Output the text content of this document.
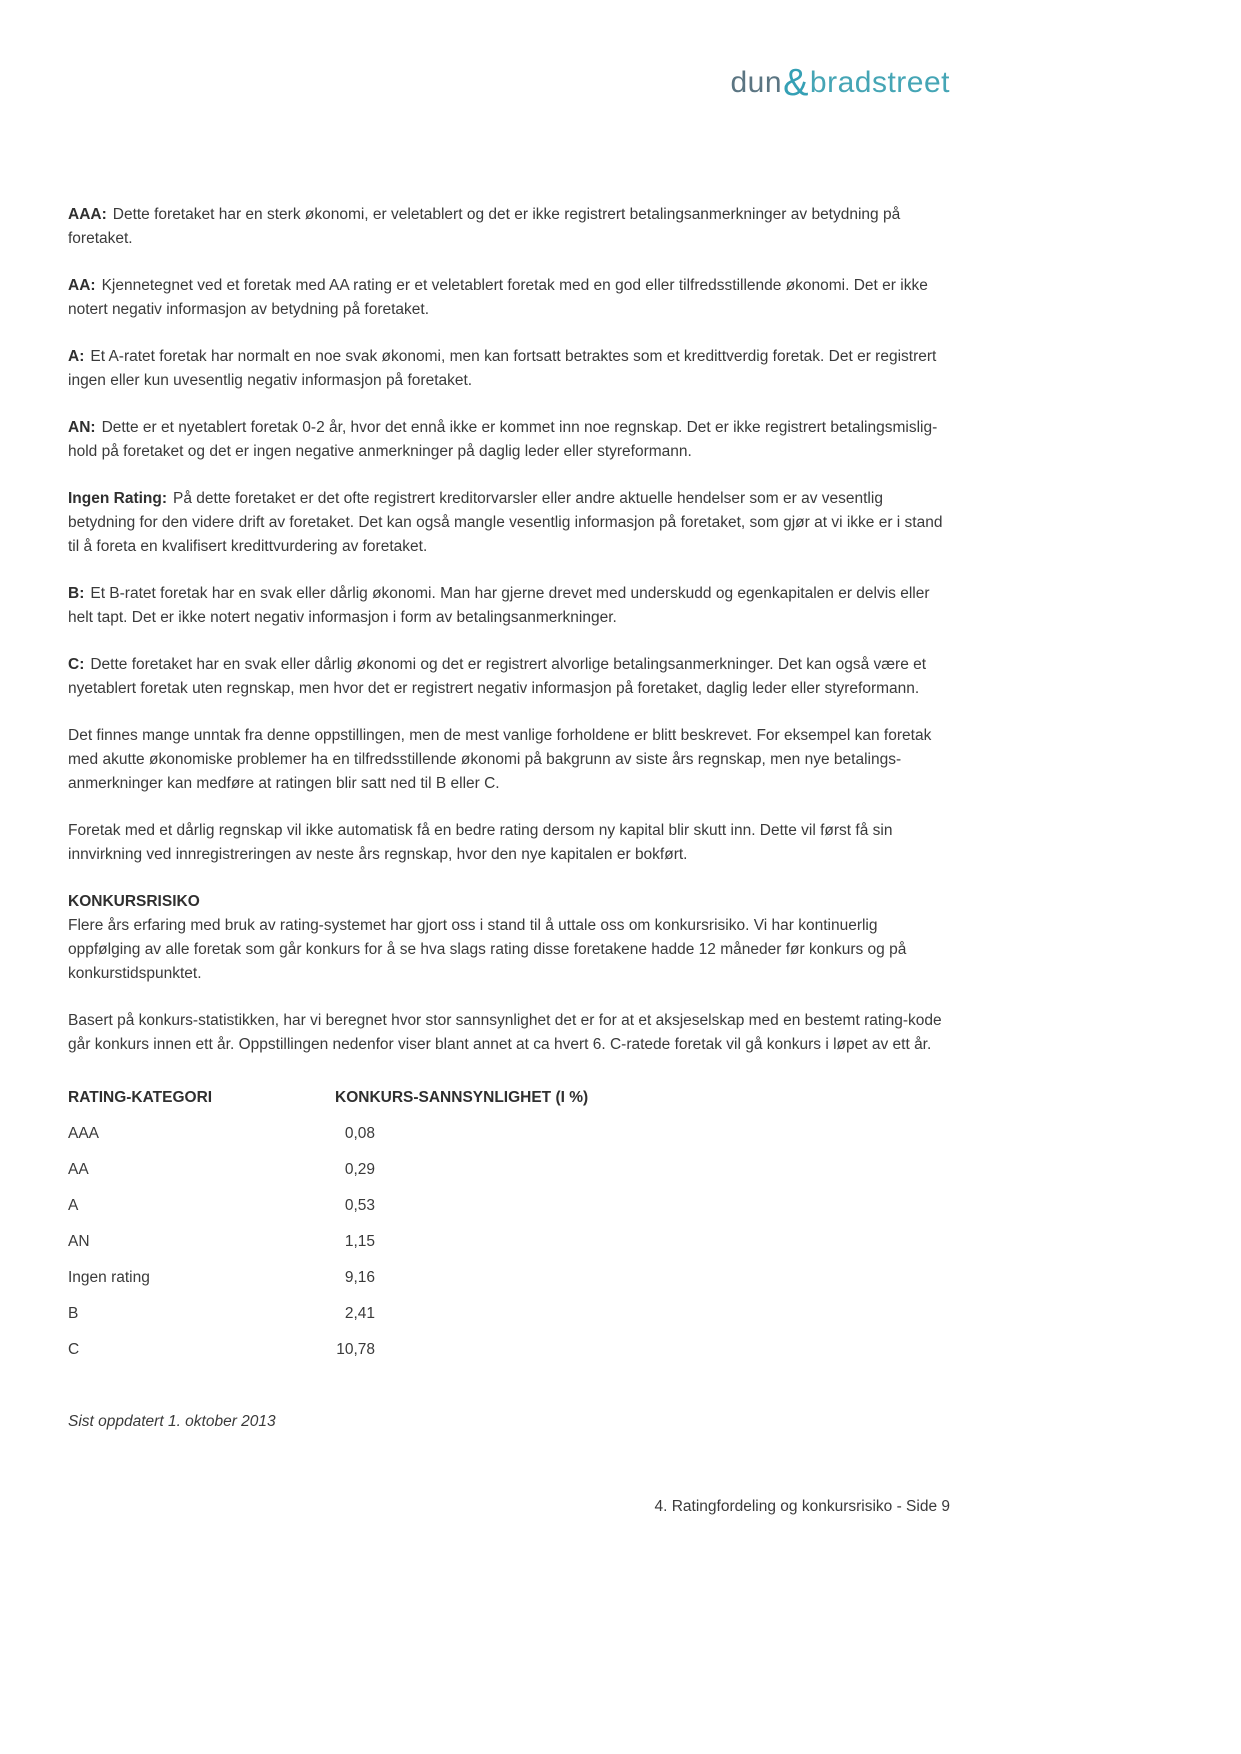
dun&bradstreet

AAA: Dette foretaket har en sterk økonomi, er veletablert og det er ikke registrert betalingsanmerkninger av betydning på foretaket.

AA: Kjennetegnet ved et foretak med AA rating er et veletablert foretak med en god eller tilfredsstillende økonomi. Det er ikke notert negativ informasjon av betydning på foretaket.

A: Et A-ratet foretak har normalt en noe svak økonomi, men kan fortsatt betraktes som et kredittverdig foretak. Det er registrert ingen eller kun uvesentlig negativ informasjon på foretaket.

AN: Dette er et nyetablert foretak 0-2 år, hvor det ennå ikke er kommet inn noe regnskap. Det er ikke registrert betalingsmislig- hold på foretaket og det er ingen negative anmerkninger på daglig leder eller styreformann.

Ingen Rating: På dette foretaket er det ofte registrert kreditorvarsler eller andre aktuelle hendelser som er av vesentlig betydning for den videre drift av foretaket. Det kan også mangle vesentlig informasjon på foretaket, som gjør at vi ikke er i stand til å foreta en kvalifisert kredittvurdering av foretaket.

B: Et B-ratet foretak har en svak eller dårlig økonomi. Man har gjerne drevet med underskudd og egenkapitalen er delvis eller helt tapt. Det er ikke notert negativ informasjon i form av betalingsanmerkninger.

C: Dette foretaket har en svak eller dårlig økonomi og det er registrert alvorlige betalingsanmerkninger. Det kan også være et nyetablert foretak uten regnskap, men hvor det er registrert negativ informasjon på foretaket, daglig leder eller styreformann.

Det finnes mange unntak fra denne oppstillingen, men de mest vanlige forholdene er blitt beskrevet. For eksempel kan foretak med akutte økonomiske problemer ha en tilfredsstillende økonomi på bakgrunn av siste års regnskap, men nye betalings- anmerkninger kan medføre at ratingen blir satt ned til B eller C.

Foretak med et dårlig regnskap vil ikke automatisk få en bedre rating dersom ny kapital blir skutt inn. Dette vil først få sin innvirkning ved innregistreringen av neste års regnskap, hvor den nye kapitalen er bokført.

KONKURSRISIKO

Flere års erfaring med bruk av rating-systemet har gjort oss i stand til å uttale oss om konkursrisiko. Vi har kontinuerlig oppfølging av alle foretak som går konkurs for å se hva slags rating disse foretakene hadde 12 måneder før konkurs og på konkurstidspunktet.

Basert på konkurs-statistikken, har vi beregnet hvor stor sannsynlighet det er for at et aksjeselskap med en bestemt rating-kode går konkurs innen ett år. Oppstillingen nedenfor viser blant annet at ca hvert 6. C-ratede foretak vil gå konkurs i løpet av ett år.

RATING-KATEGORI	KONKURS-SANNSYNLIGHET (I %)
AAA	0,08
AA	0,29
A	0,53
AN	1,15
Ingen rating	9,16
B	2,41
C	10,78

Sist oppdatert 1. oktober 2013

4. Ratingfordeling og konkursrisiko - Side 9
